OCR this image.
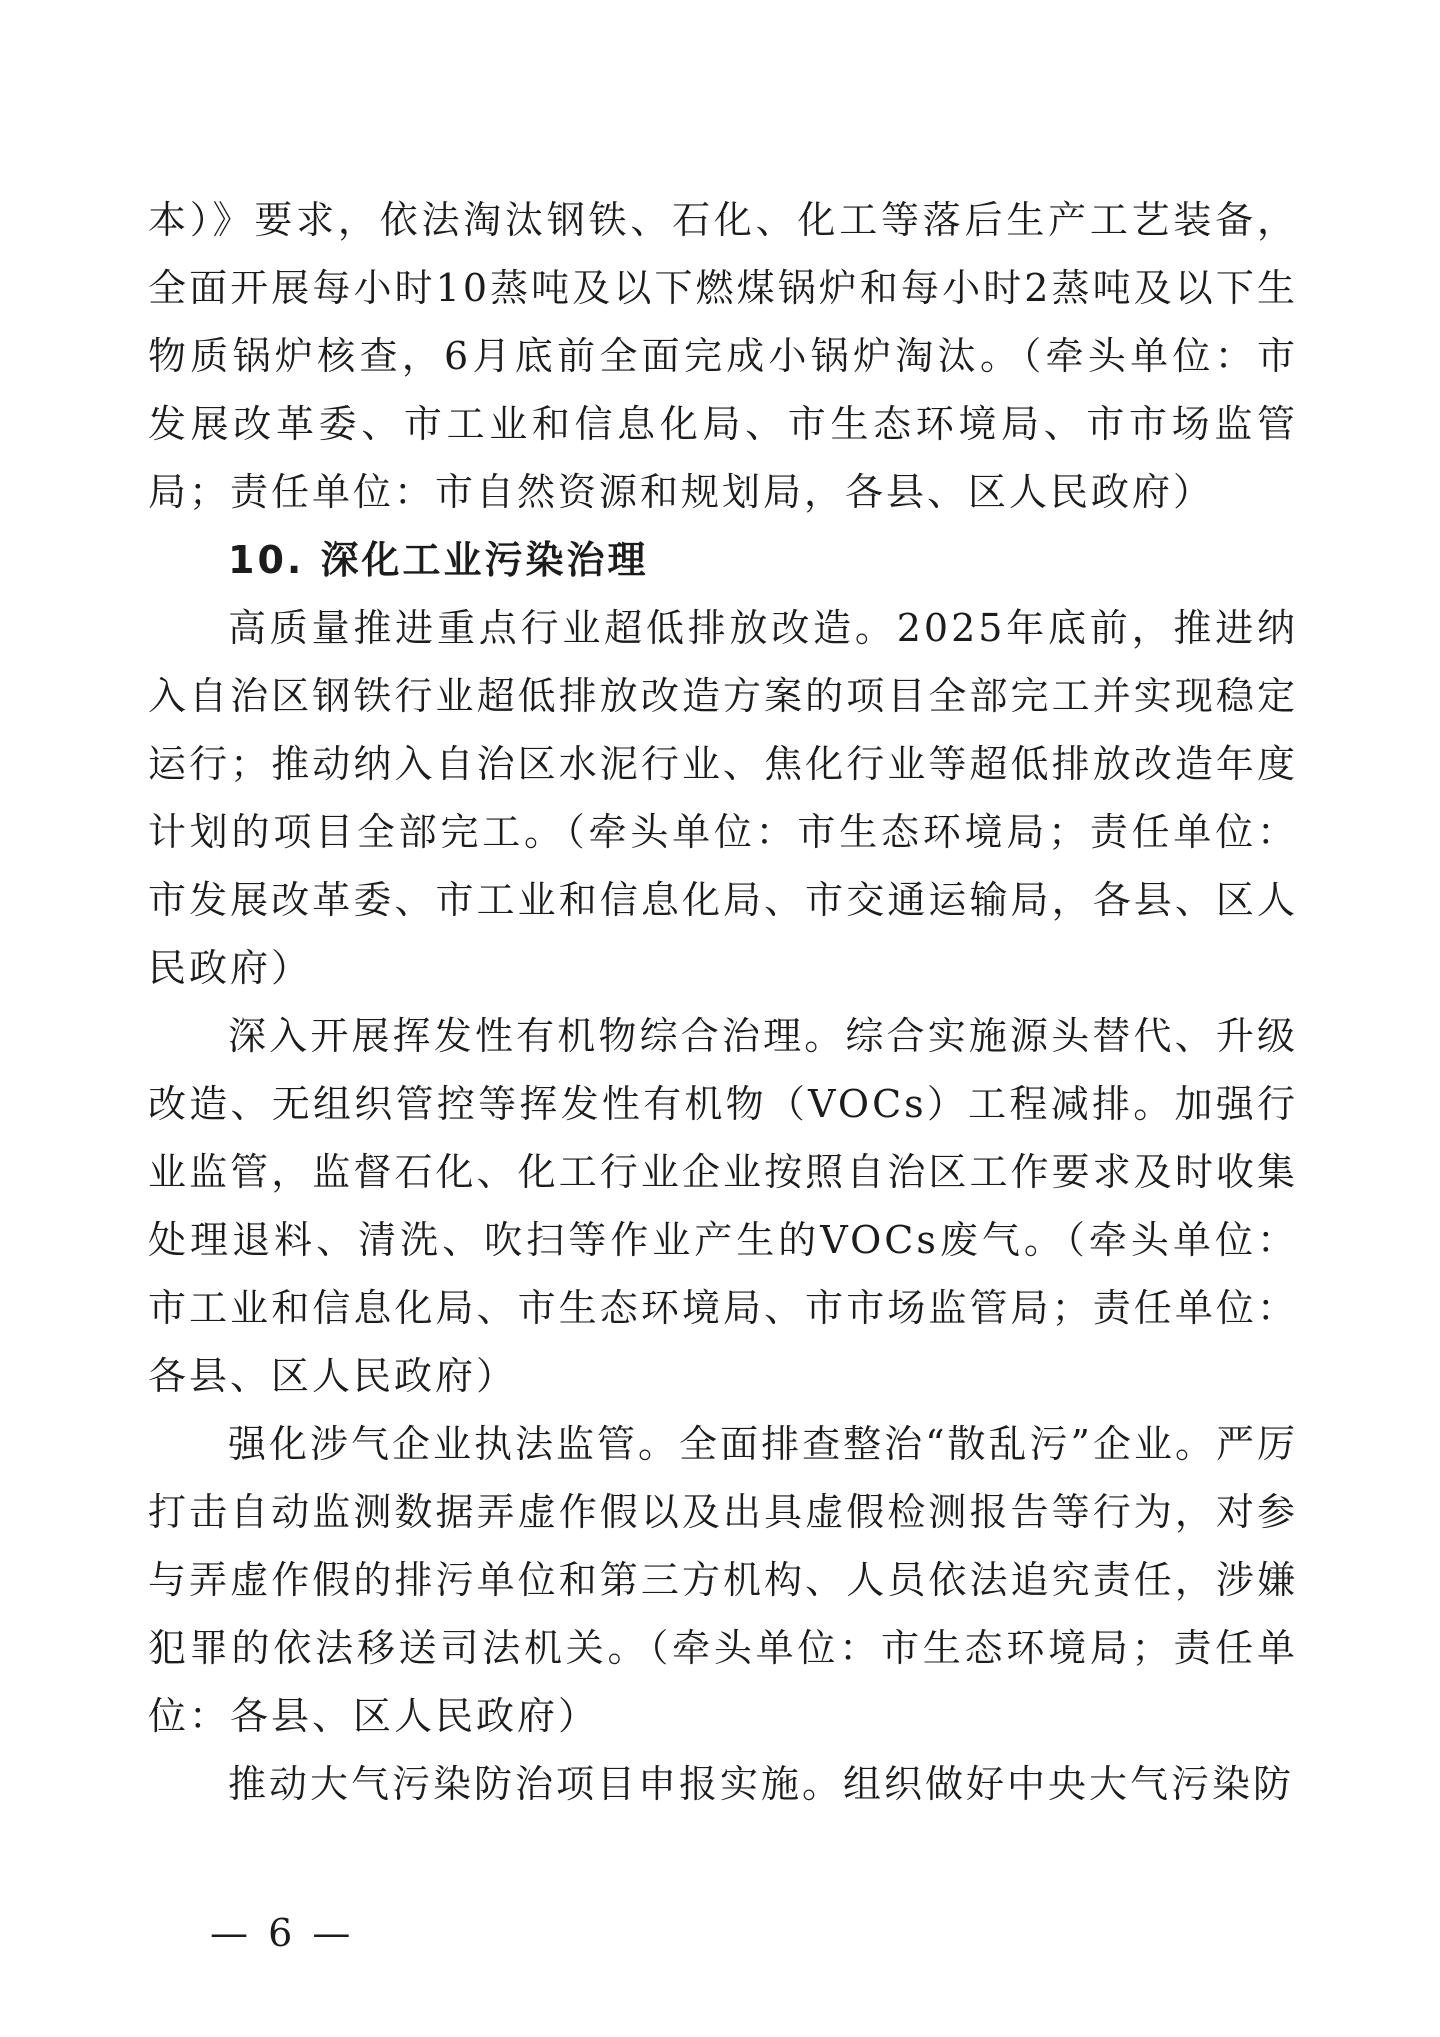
本）》要求，依法淘汰钢铁、石化、化工等落后生产工艺装备，全面开展每小时10蒸吨及以下燃煤锅炉和每小时2蒸吨及以下生物质锅炉核查，6月底前全面完成小锅炉淘汰。（牵头单位：市发展改革委、市工业和信息化局、市生态环境局、市市场监管局；责任单位：市自然资源和规划局，各县、区人民政府）

10. 深化工业污染治理

高质量推进重点行业超低排放改造。2025年底前，推进纳入自治区钢铁行业超低排放改造方案的项目全部完工并实现稳定运行；推动纳入自治区水泥行业、焦化行业等超低排放改造年度计划的项目全部完工。（牵头单位：市生态环境局；责任单位：市发展改革委、市工业和信息化局、市交通运输局，各县、区人民政府）

深入开展挥发性有机物综合治理。综合实施源头替代、升级改造、无组织管控等挥发性有机物（VOCs）工程减排。加强行业监管，监督石化、化工行业企业按照自治区工作要求及时收集处理退料、清洗、吹扫等作业产生的VOCs废气。（牵头单位：市工业和信息化局、市生态环境局、市市场监管局；责任单位：各县、区人民政府）

强化涉气企业执法监管。全面排查整治“散乱污”企业。严厉打击自动监测数据弄虚作假以及出具虚假检测报告等行为，对参与弄虚作假的排污单位和第三方机构、人员依法追究责任，涉嫌犯罪的依法移送司法机关。（牵头单位：市生态环境局；责任单位：各县、区人民政府）

推动大气污染防治项目申报实施。组织做好中央大气污染防

— 6 —
